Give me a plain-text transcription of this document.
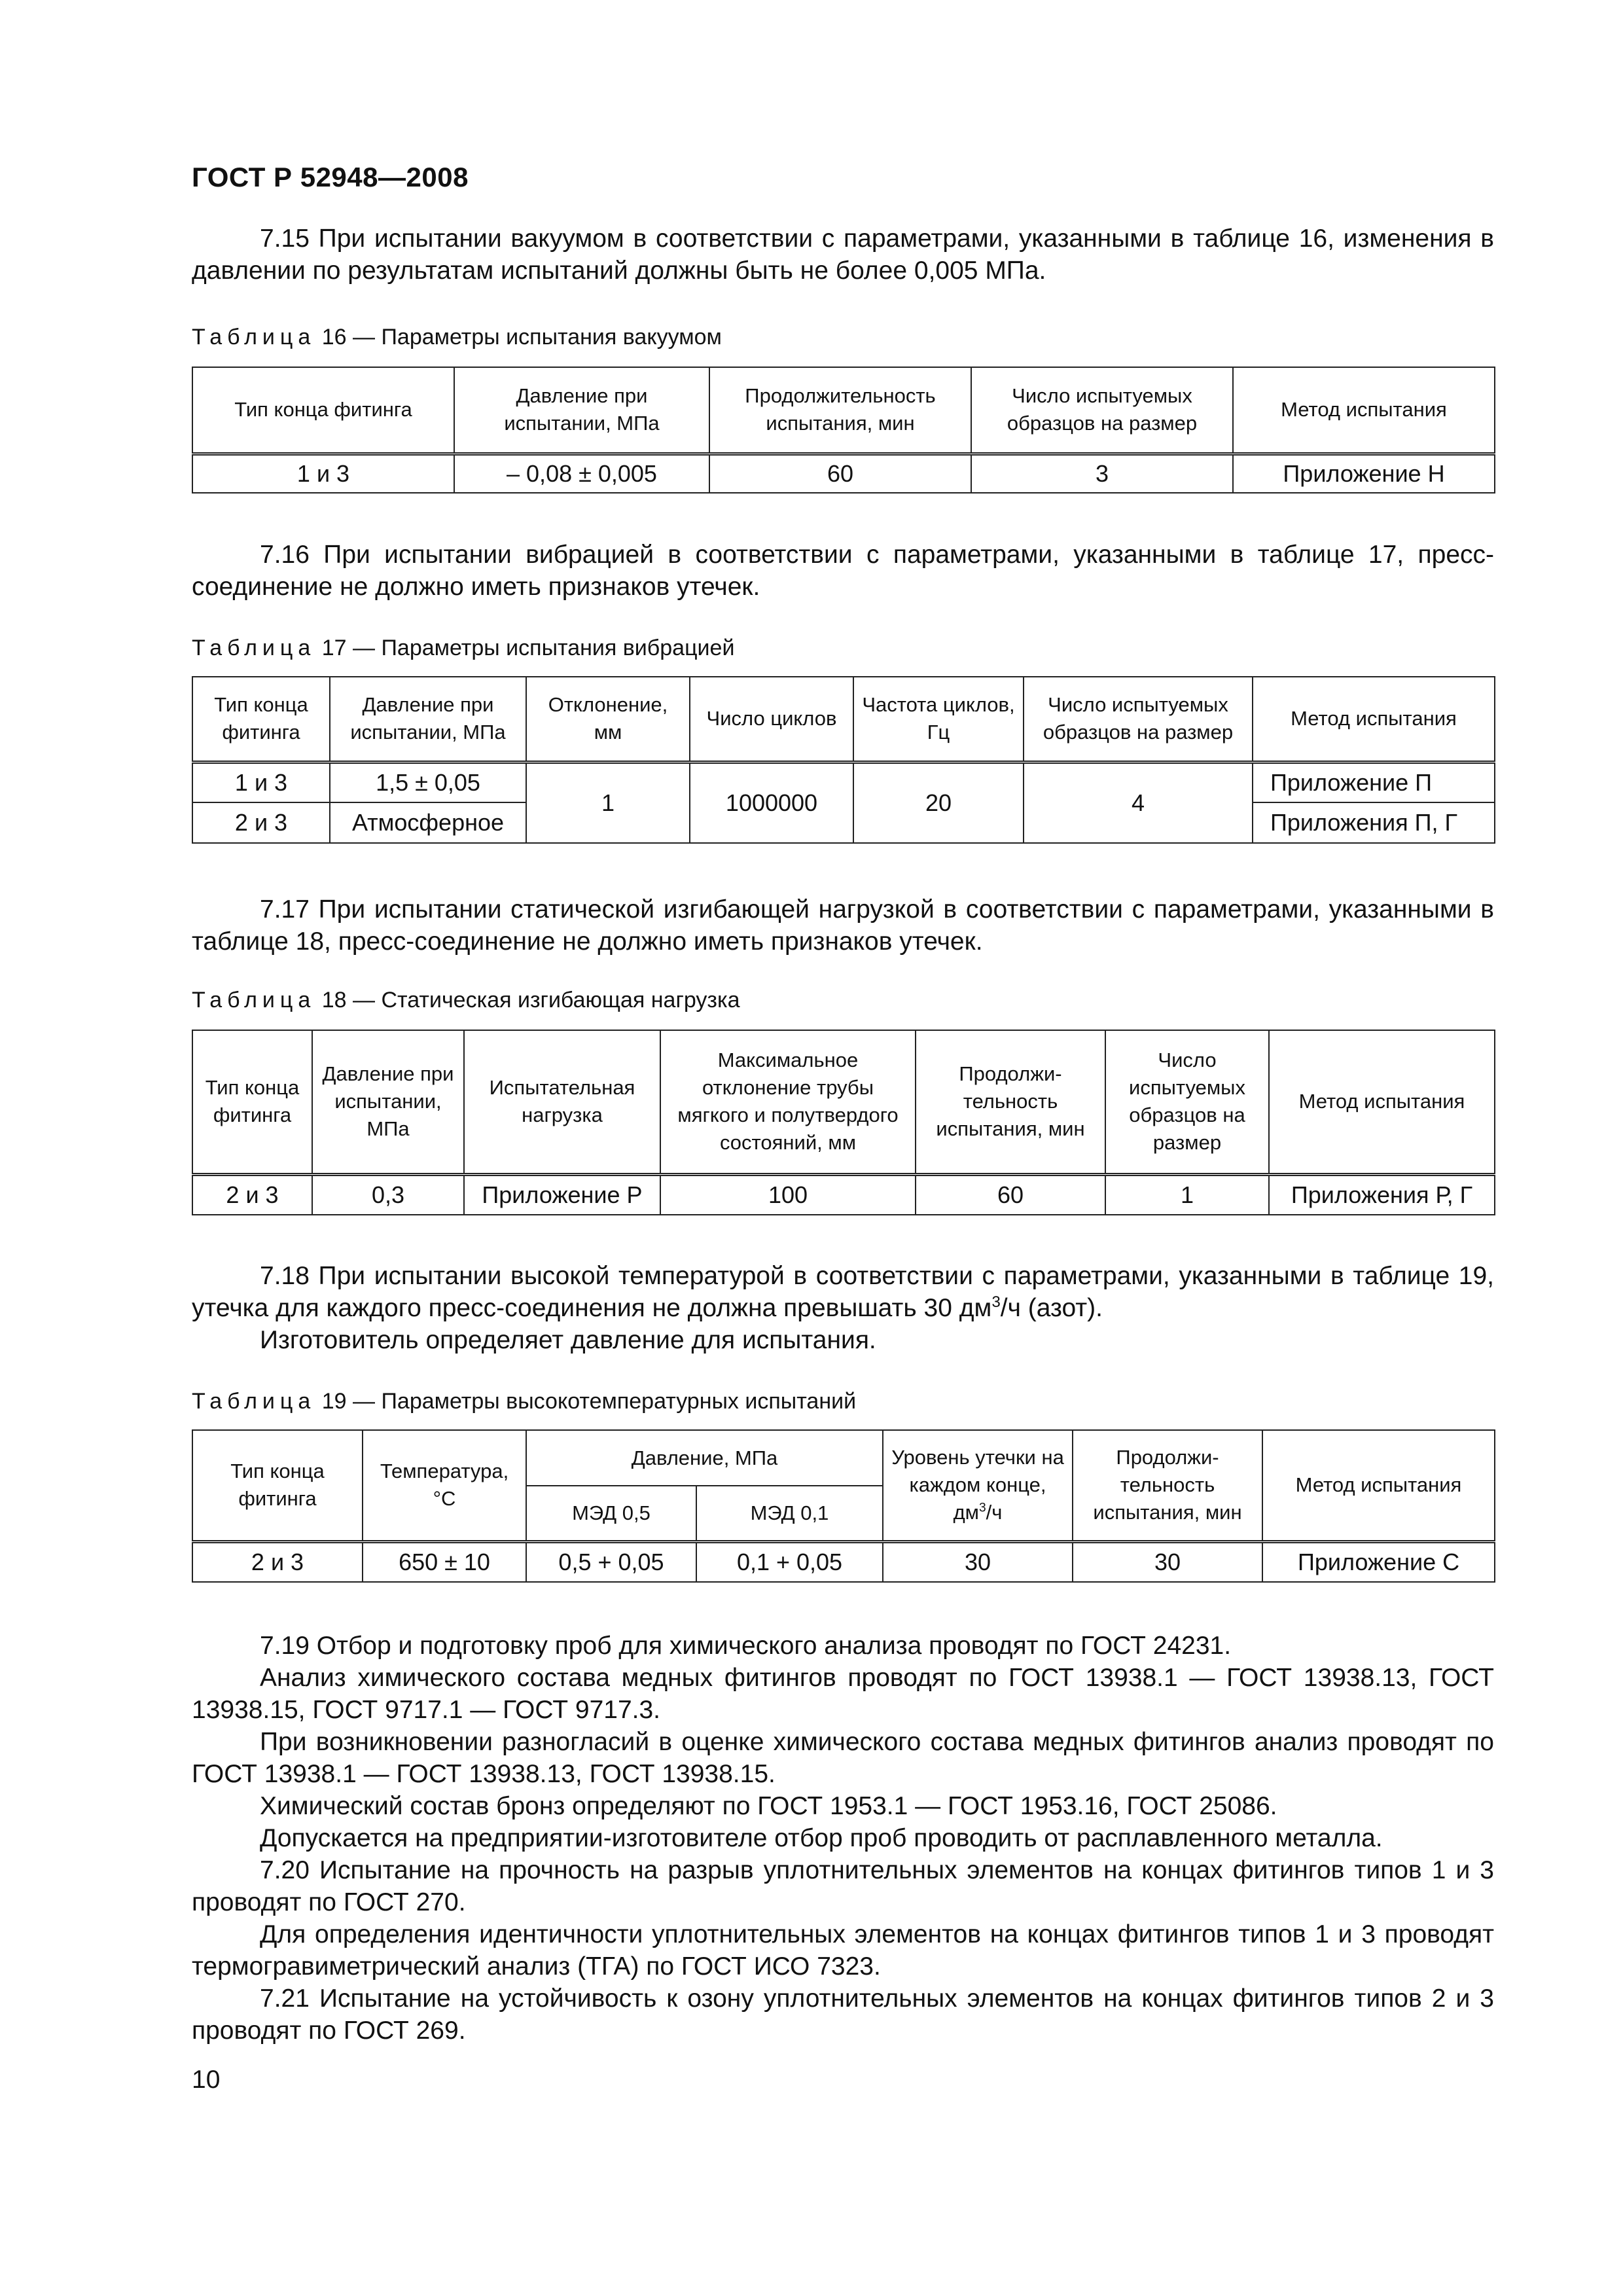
ГОСТ Р 52948—2008

7.15 При испытании вакуумом в соответствии с параметрами, указанными в таблице 16, изменения в давлении по результатам испытаний должны быть не более 0,005 МПа.

Таблица 16 — Параметры испытания вакуумом

Тип конца фитинга	Давление при испытании, МПа	Продолжительность испытания, мин	Число испытуемых образцов на размер	Метод испытания
1 и 3	– 0,08 ± 0,005	60	3	Приложение Н

7.16 При испытании вибрацией в соответствии с параметрами, указанными в таблице 17, пресс-соединение не должно иметь признаков утечек.

Таблица 17 — Параметры испытания вибрацией

Тип конца фитинга	Давление при испытании, МПа	Отклонение, мм	Число циклов	Частота циклов, Гц	Число испытуемых образцов на размер	Метод испытания
1 и 3	1,5 ± 0,05	1	1000000	20	4	Приложение П
2 и 3	Атмосферное					Приложения П, Г

7.17 При испытании статической изгибающей нагрузкой в соответствии с параметрами, указанными в таблице 18, пресс-соединение не должно иметь признаков утечек.

Таблица 18 — Статическая изгибающая нагрузка

Тип конца фитинга	Давление при испытании, МПа	Испытательная нагрузка	Максимальное отклонение трубы мягкого и полутвердого состояний, мм	Продолжи-тельность испытания, мин	Число испытуемых образцов на размер	Метод испытания
2 и 3	0,3	Приложение Р	100	60	1	Приложения Р, Г

7.18 При испытании высокой температурой в соответствии с параметрами, указанными в таблице 19, утечка для каждого пресс-соединения не должна превышать 30 $дм^3/ч$ (азот).

Изготовитель определяет давление для испытания.

Таблица 19 — Параметры высокотемпературных испытаний

Тип конца фитинга	Температура, °С	Давление, МПа		Уровень утечки на каждом конце, $дм^3/ч$	Продолжи-тельность испытания, мин	Метод испытания
		МЭД 0,5	МЭД 0,1			
2 и 3	650 ± 10	0,5 + 0,05	0,1 + 0,05	30	30	Приложение С

7.19 Отбор и подготовку проб для химического анализа проводят по ГОСТ 24231.

Анализ химического состава медных фитингов проводят по ГОСТ 13938.1 — ГОСТ 13938.13, ГОСТ 13938.15, ГОСТ 9717.1 — ГОСТ 9717.3.

При возникновении разногласий в оценке химического состава медных фитингов анализ проводят по ГОСТ 13938.1 — ГОСТ 13938.13, ГОСТ 13938.15.

Химический состав бронз определяют по ГОСТ 1953.1 — ГОСТ 1953.16, ГОСТ 25086.

Допускается на предприятии-изготовителе отбор проб проводить от расплавленного металла.

7.20 Испытание на прочность на разрыв уплотнительных элементов на концах фитингов типов 1 и 3 проводят по ГОСТ 270.

Для определения идентичности уплотнительных элементов на концах фитингов типов 1 и 3 проводят термогравиметрический анализ (ТГА) по ГОСТ ИСО 7323.

7.21 Испытание на устойчивость к озону уплотнительных элементов на концах фитингов типов 2 и 3 проводят по ГОСТ 269.

10
